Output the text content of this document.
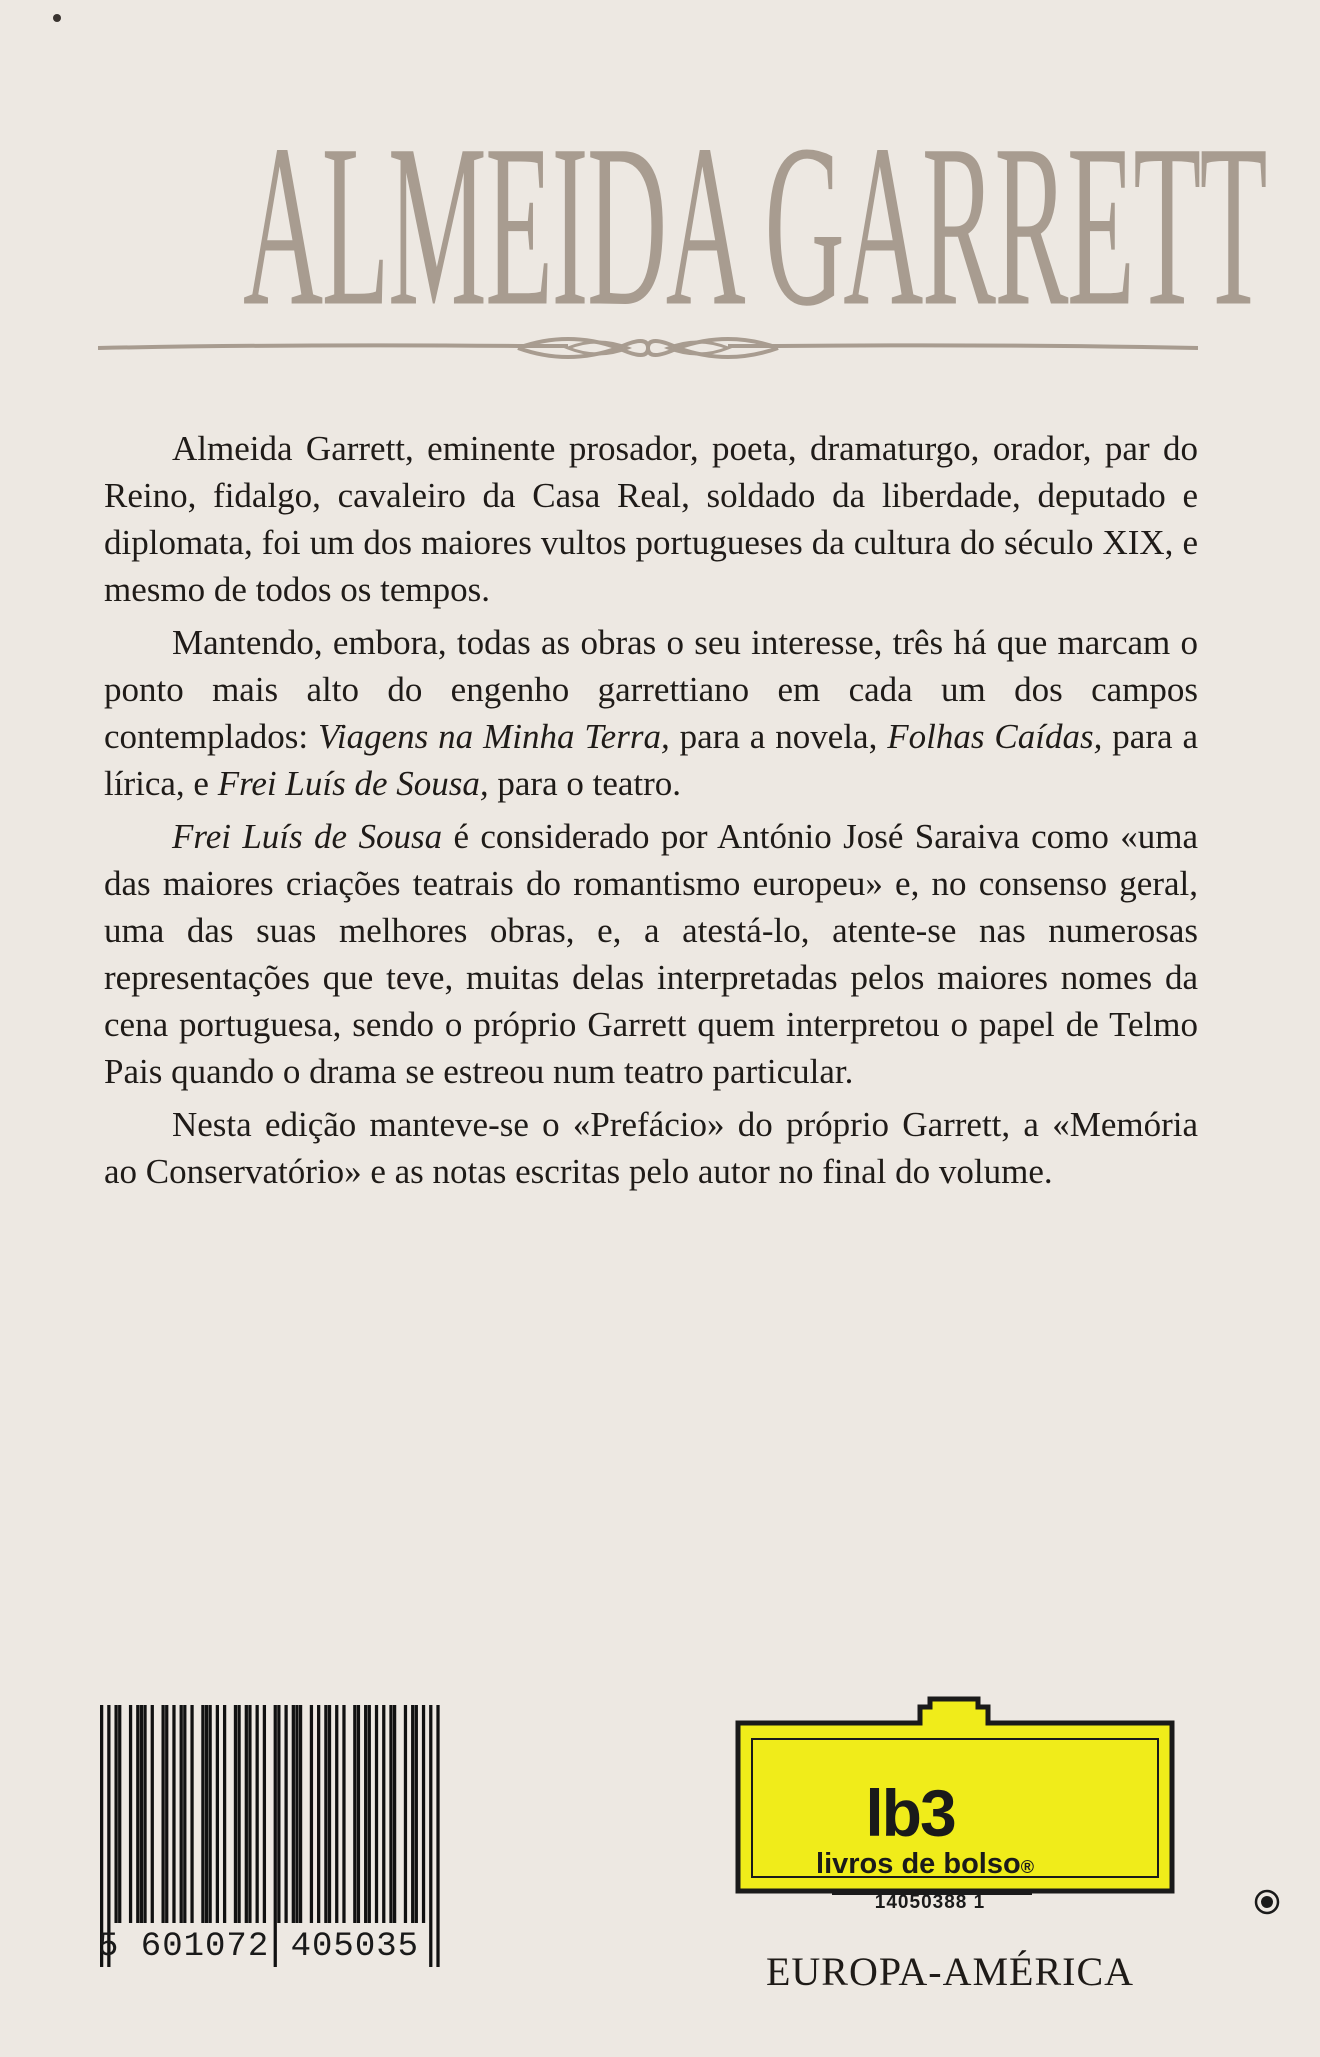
ALMEIDA GARRETT

Almeida Garrett, eminente prosador, poeta, dramaturgo, orador, par do Reino, fidalgo, cavaleiro da Casa Real, soldado da liberdade, deputado e diplomata, foi um dos maiores vultos portugueses da cultura do século XIX, e mesmo de todos os tempos.

Mantendo, embora, todas as obras o seu interesse, três há que marcam o ponto mais alto do engenho garrettiano em cada um dos campos contemplados: Viagens na Minha Terra, para a novela, Folhas Caídas, para a lírica, e Frei Luís de Sousa, para o teatro.

Frei Luís de Sousa é considerado por António José Saraiva como «uma das maiores criações teatrais do romantismo europeu» e, no consenso geral, uma das suas melhores obras, e, a atestá-lo, atente-se nas numerosas representações que teve, muitas delas interpretadas pelos maiores nomes da cena portuguesa, sendo o próprio Garrett quem interpretou o papel de Telmo Pais quando o drama se estreou num teatro particular.

Nesta edição manteve-se o «Prefácio» do próprio Garrett, a «Memória ao Conservatório» e as notas escritas pelo autor no final do volume.

5 601072 405035
lb3
livros de bolso®
14050388 1
EUROPA-AMÉRICA
